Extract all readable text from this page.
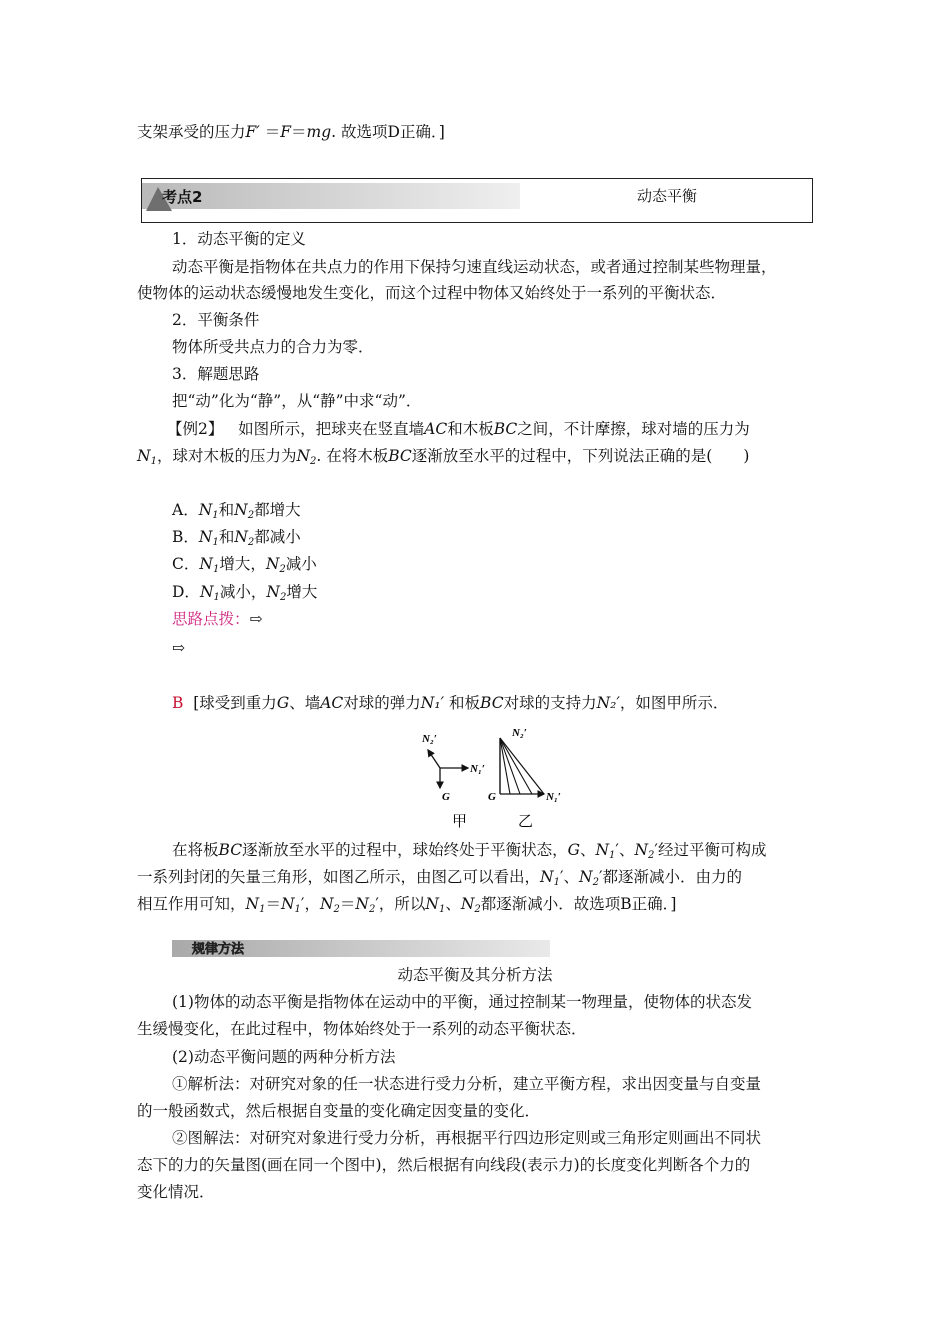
支架承受的压力F′ ＝F＝mg. 故选项D正确．]
考点2	动态平衡
1．动态平衡的定义
动态平衡是指物体在共点力的作用下保持匀速直线运动状态，或者通过控制某些物理量，
使物体的运动状态缓慢地发生变化，而这个过程中物体又始终处于一系列的平衡状态．
2．平衡条件
物体所受共点力的合力为零．
3．解题思路
把“动”化为“静”，从“静”中求“动”．
【例2】 如图所示，把球夹在竖直墙AC和木板BC之间，不计摩擦，球对墙的压力为
$N_1$，球对木板的压力为$N_2$. 在将木板BC逐渐放至水平的过程中，下列说法正确的是(　　)
A．$N_1$和$N_2$都增大
B．$N_1$和$N_2$都减小
C．$N_1$增大，$N_2$减小
D．$N_1$减小，$N_2$增大
思路点拨：⇨
⇨
B [球受到重力G、墙AC对球的弹力N₁′ 和板BC对球的支持力N₂′，如图甲所示．
N₂′
N₁′
G
N₂′
G	N₁′
甲	乙
在将板BC逐渐放至水平的过程中，球始终处于平衡状态，G、$N_1'$、$N_2'$经过平衡可构成
一系列封闭的矢量三角形，如图乙所示，由图乙可以看出，$N_1'$、$N_2'$都逐渐减小．由力的
相互作用可知，$N_1=N_1'$，$N_2=N_2'$，所以$N_1$、$N_2$都逐渐减小．故选项B正确．]
规律方法
动态平衡及其分析方法
(1)物体的动态平衡是指物体在运动中的平衡，通过控制某一物理量，使物体的状态发
生缓慢变化，在此过程中，物体始终处于一系列的动态平衡状态．
(2)动态平衡问题的两种分析方法
①解析法：对研究对象的任一状态进行受力分析，建立平衡方程，求出因变量与自变量
的一般函数式，然后根据自变量的变化确定因变量的变化．
②图解法：对研究对象进行受力分析，再根据平行四边形定则或三角形定则画出不同状
态下的力的矢量图(画在同一个图中)，然后根据有向线段(表示力)的长度变化判断各个力的
变化情况．
